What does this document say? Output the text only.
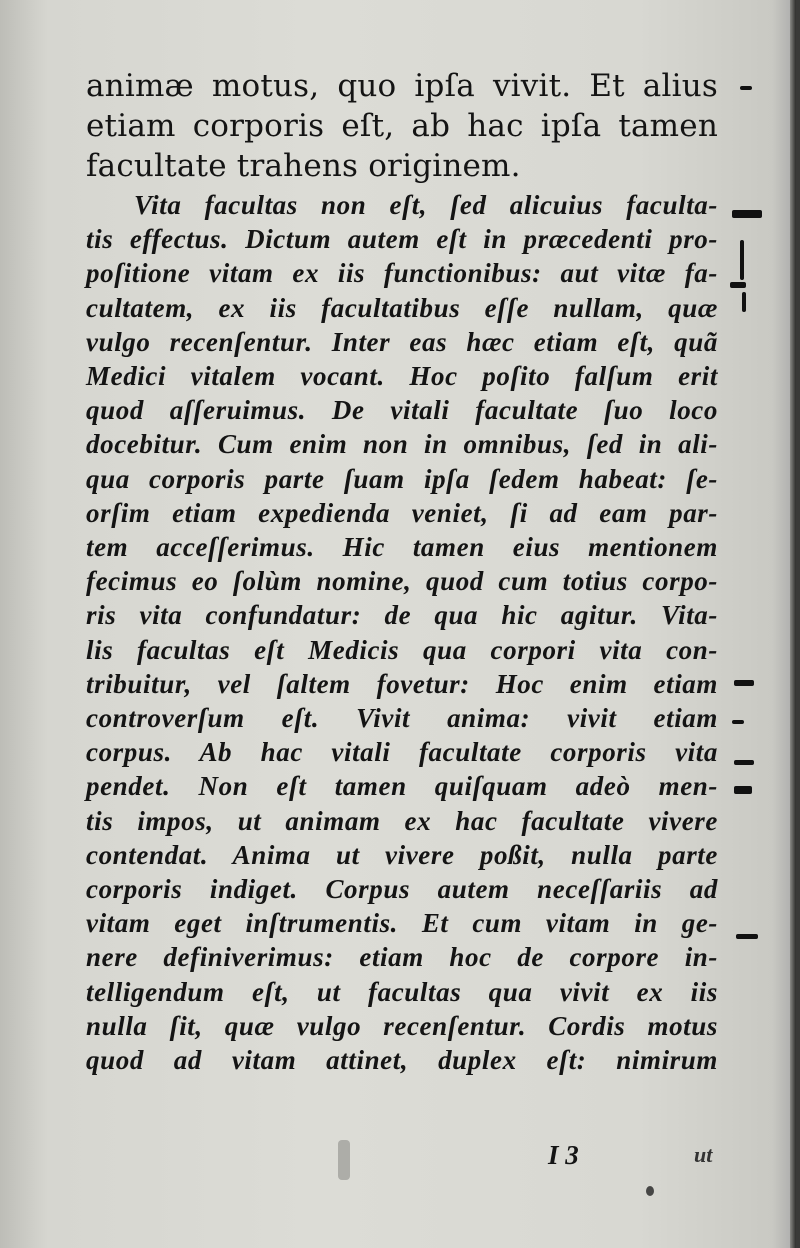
animæ motus, quo ipſa vivit. Et alius
etiam corporis eſt, ab hac ipſa tamen
facultate trahens originem.
Vita facultas non eſt, ſed alicuius faculta-
tis effectus. Dictum autem eſt in præcedenti pro-
poſitione vitam ex iis functionibus: aut vitæ fa-
cultatem, ex iis facultatibus eſſe nullam, quæ
vulgo recenſentur. Inter eas hæc etiam eſt, quã
Medici vitalem vocant. Hoc poſito falſum erit
quod aſſeruimus. De vitali facultate ſuo loco
docebitur. Cum enim non in omnibus, ſed in ali-
qua corporis parte ſuam ipſa ſedem habeat: ſe-
orſim etiam expedienda veniet, ſi ad eam par-
tem acceſſerimus. Hic tamen eius mentionem
fecimus eo ſolùm nomine, quod cum totius corpo-
ris vita confundatur: de qua hic agitur. Vita-
lis facultas eſt Medicis qua corpori vita con-
tribuitur, vel ſaltem fovetur: Hoc enim etiam
controverſum eſt. Vivit anima: vivit etiam
corpus. Ab hac vitali facultate corporis vita
pendet. Non eſt tamen quiſquam adeò men-
tis impos, ut animam ex hac facultate vivere
contendat. Anima ut vivere poßit, nulla parte
corporis indiget. Corpus autem neceſſariis ad
vitam eget inſtrumentis. Et cum vitam in ge-
nere definiverimus: etiam hoc de corpore in-
telligendum eſt, ut facultas qua vivit ex iis
nulla ſit, quæ vulgo recenſentur. Cordis motus
quod ad vitam attinet, duplex eſt: nimirum
I 3	ut
